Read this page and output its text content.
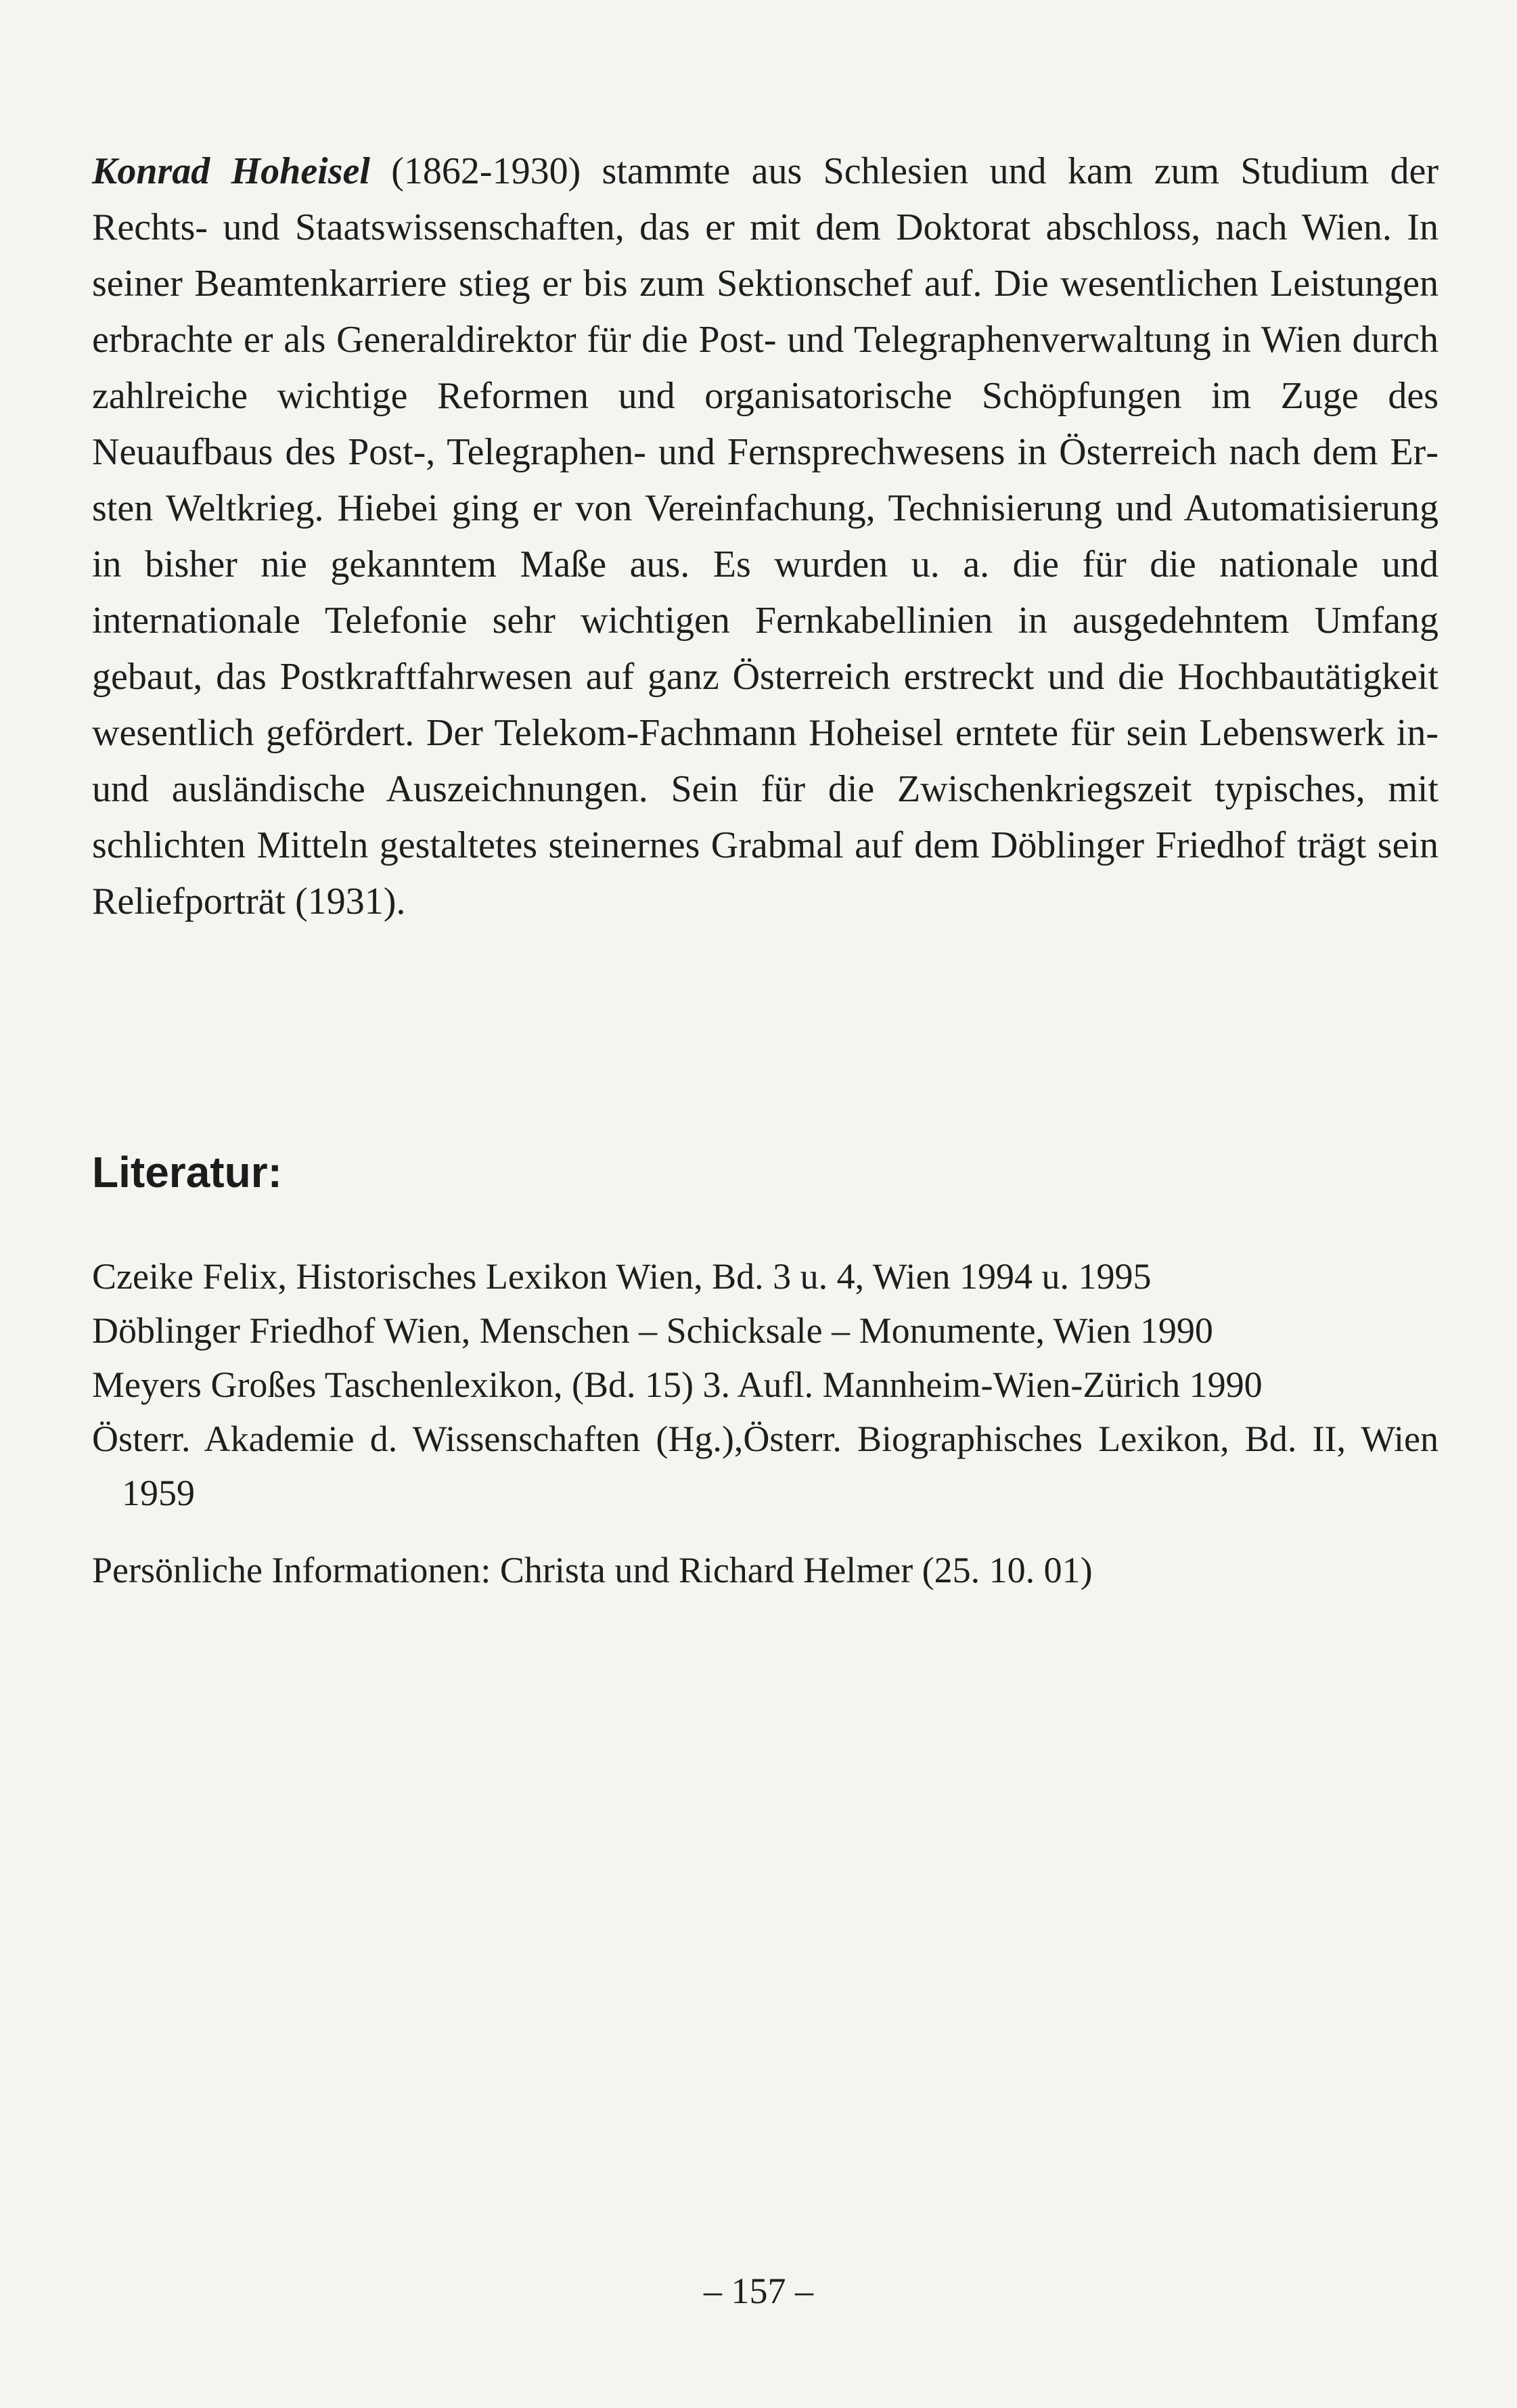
Konrad Hoheisel (1862-1930) stammte aus Schlesien und kam zum Studium der Rechts- und Staatswissenschaften, das er mit dem Doktorat abschloss, nach Wien. In seiner Beamtenkarriere stieg er bis zum Sektionschef auf. Die wesentlichen Leistungen erbrachte er als Generaldirektor für die Post- und Telegraphenverwaltung in Wien durch zahlreiche wichtige Reformen und organisatorische Schöpfungen im Zuge des Neuaufbaus des Post-, Telegraphen- und Fernsprechwesens in Österreich nach dem Ersten Weltkrieg. Hiebei ging er von Vereinfachung, Technisierung und Automatisierung in bisher nie gekanntem Maße aus. Es wurden u. a. die für die nationale und internationale Telefonie sehr wichtigen Fernkabellinien in ausgedehntem Umfang gebaut, das Postkraftfahrwesen auf ganz Österreich erstreckt und die Hochbautätigkeit wesentlich gefördert. Der Telekom-Fachmann Hoheisel erntete für sein Lebenswerk in- und ausländische Auszeichnungen. Sein für die Zwischenkriegszeit typisches, mit schlichten Mitteln gestaltetes steinernes Grabmal auf dem Döblinger Friedhof trägt sein Reliefporträt (1931).

Literatur:
Czeike Felix, Historisches Lexikon Wien, Bd. 3 u. 4, Wien 1994 u. 1995
Döblinger Friedhof Wien, Menschen – Schicksale – Monumente, Wien 1990
Meyers Großes Taschenlexikon, (Bd. 15) 3. Aufl. Mannheim-Wien-Zürich 1990
Österr. Akademie d. Wissenschaften (Hg.),Österr. Biographisches Lexikon, Bd. II, Wien 1959
Persönliche Informationen: Christa und Richard Helmer (25. 10. 01)

– 157 –
